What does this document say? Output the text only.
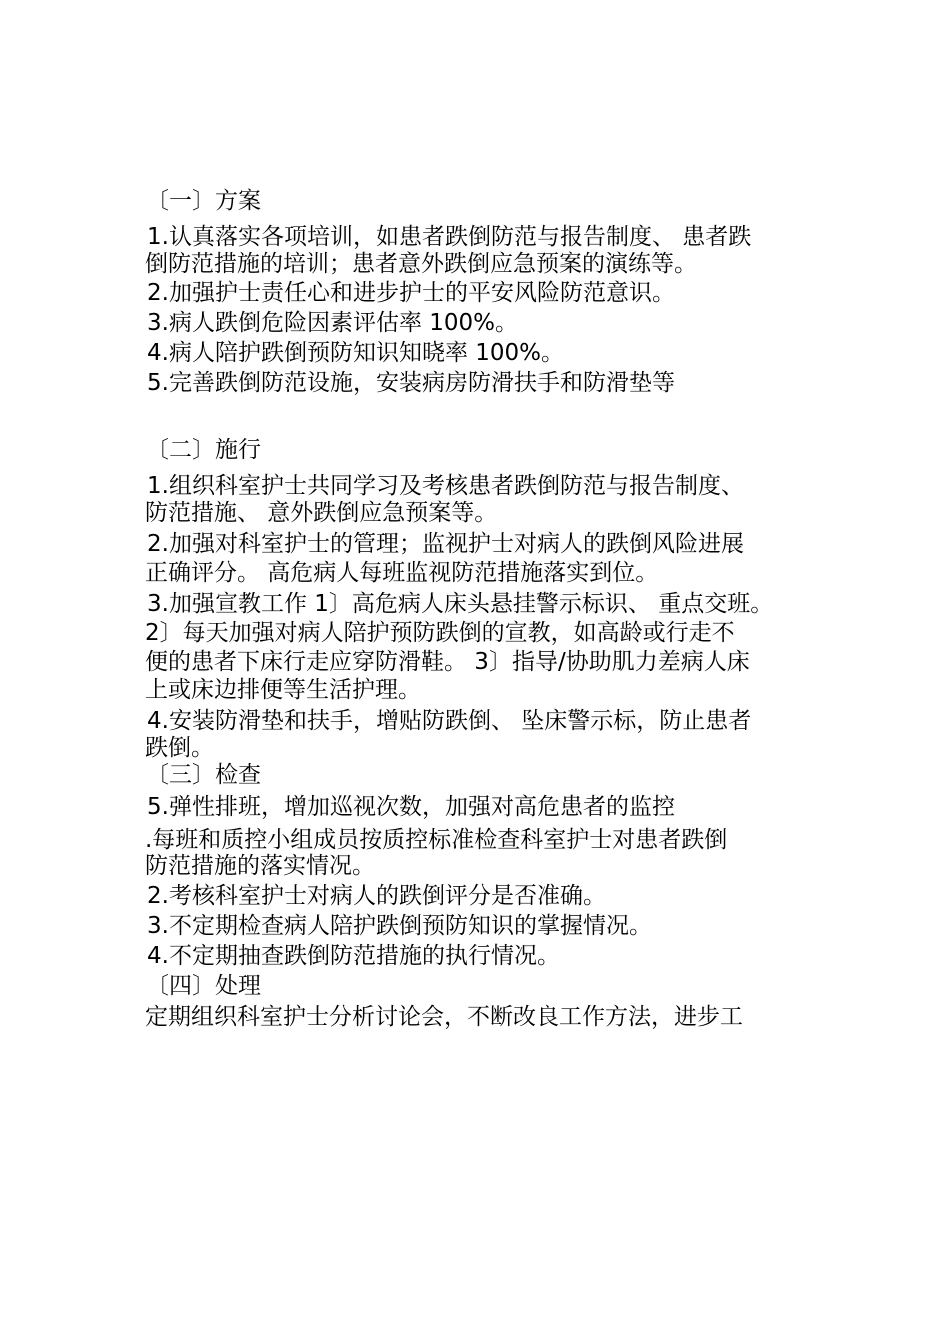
〔一〕方案
1.认真落实各项培训，如患者跌倒防范与报告制度、 患者跌
倒防范措施的培训；患者意外跌倒应急预案的演练等。
2.加强护士责任心和进步护士的平安风险防范意识。
3.病人跌倒危险因素评估率 100%。
4.病人陪护跌倒预防知识知晓率 100%。
5.完善跌倒防范设施，安装病房防滑扶手和防滑垫等
〔二〕施行
1.组织科室护士共同学习及考核患者跌倒防范与报告制度、
防范措施、 意外跌倒应急预案等。
2.加强对科室护士的管理；监视护士对病人的跌倒风险进展
正确评分。 高危病人每班监视防范措施落实到位。
3.加强宣教工作 1〕高危病人床头悬挂警示标识、 重点交班。
2〕每天加强对病人陪护预防跌倒的宣教，如高龄或行走不
便的患者下床行走应穿防滑鞋。 3〕指导/协助肌力差病人床
上或床边排便等生活护理。
4.安装防滑垫和扶手，增贴防跌倒、 坠床警示标，防止患者
跌倒。
〔三〕检查
5.弹性排班，增加巡视次数，加强对高危患者的监控
.每班和质控小组成员按质控标准检查科室护士对患者跌倒
防范措施的落实情况。
2.考核科室护士对病人的跌倒评分是否准确。
3.不定期检查病人陪护跌倒预防知识的掌握情况。
4.不定期抽查跌倒防范措施的执行情况。
〔四〕处理
定期组织科室护士分析讨论会，不断改良工作方法，进步工
